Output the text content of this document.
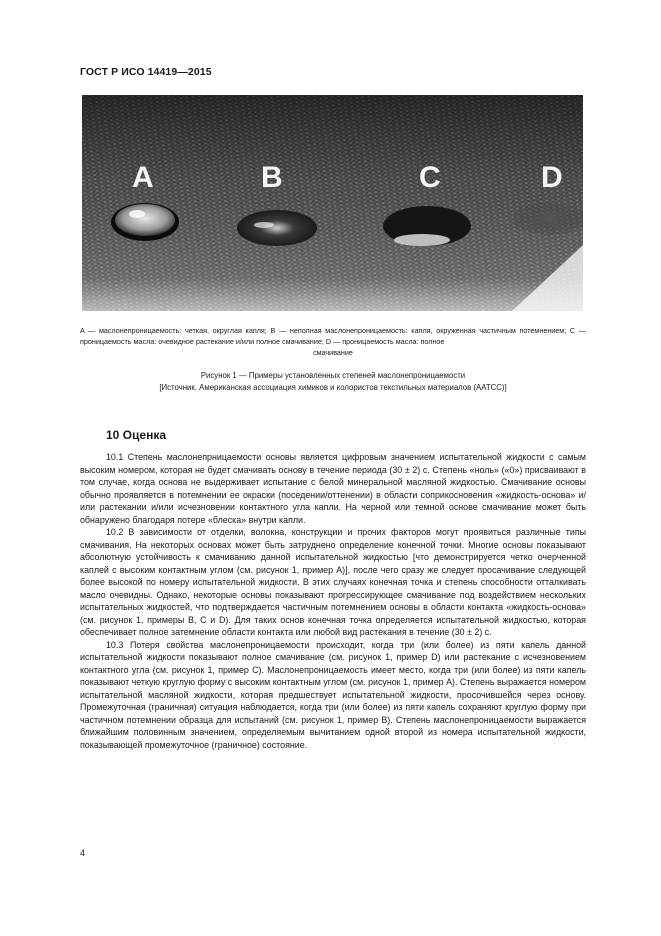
ГОСТ Р ИСО 14419—2015
A	B	C	D
A — маслонепроницаемость: четкая, округлая капля; B — неполная маслонепроницаемость: капля, окруженная частичным потемнением; C — проницаемость масла: очевидное растекание и/или полное смачивание; D — проницаемость масла: полное
смачивание
Рисунок 1 — Примеры установленных степеней маслонепроницаемости
[Источник. Американская ассоциация химиков и колористов текстильных материалов (AATCC)]
10 Оценка

10.1 Степень маслонепрницаемости основы является цифровым значением испытательной жидкости с самым высоким номером, которая не будет смачивать основу в течение периода (30 ± 2) с. Степень «ноль» («0») присваивают в том случае, когда основа не выдерживает испытание с белой минеральной масляной жидкостью. Смачивание основы обычно проявляется в потемнении ее окраски (поседении/оттенении) в области соприкосновения «жидкость-основа» и/или растекании и/или исчезновении контактного угла капли. На черной или темной основе смачивание может быть обнаружено благодаря потере «блеска» внутри капли.

10.2 В зависимости от отделки, волокна, конструкции и прочих факторов могут проявиться различные типы смачивания. На некоторых основах может быть затруднено определение конечной точки. Многие основы показывают абсолютную устойчивость к смачиванию данной испытательной жидкостью [что демонстрируется четко очерченной каплей с высоким контактным углом (см. рисунок 1, пример A)], после чего сразу же следует просачивание следующей более высокой по номеру испытательной жидкости. В этих случаях конечная точка и степень способности отталкивать масло очевидны. Однако, некоторые основы показывают прогрессирующее смачивание под воздействием нескольких испытательных жидкостей, что подтверждается частичным потемнением основы в области контакта «жидкость-основа» (см. рисунок 1, примеры B, C и D). Для таких основ конечная точка определяется испытательной жидкостью, которая обеспечивает полное затемнение области контакта или любой вид растекания в течение (30 ± 2) с.

10.3 Потеря свойства маслонепроницаемости происходит, когда три (или более) из пяти капель данной испытательной жидкости показывают полное смачивание (см. рисунок 1, пример D) или растекание с исчезновением контактного угла (см. рисунок 1, пример C). Маслонепроницаемость имеет место, когда три (или более) из пяти капель показывают четкую круглую форму с высоким контактным углом (см. рисунок 1, пример A). Степень выражается номером испытательной масляной жидкости, которая предшествует испытательной жидкости, просочившейся через основу. Промежуточная (граничная) ситуация наблюдается, когда три (или более) из пяти капель сохраняют круглую форму при частичном потемнении образца для испытаний (см. рисунок 1, пример B). Степень маслонепроницаемости выражается ближайшим половинным значением, определяемым вычитанием одной второй из номера испытательной жидкости, показывающей промежуточное (граничное) состояние.

4
